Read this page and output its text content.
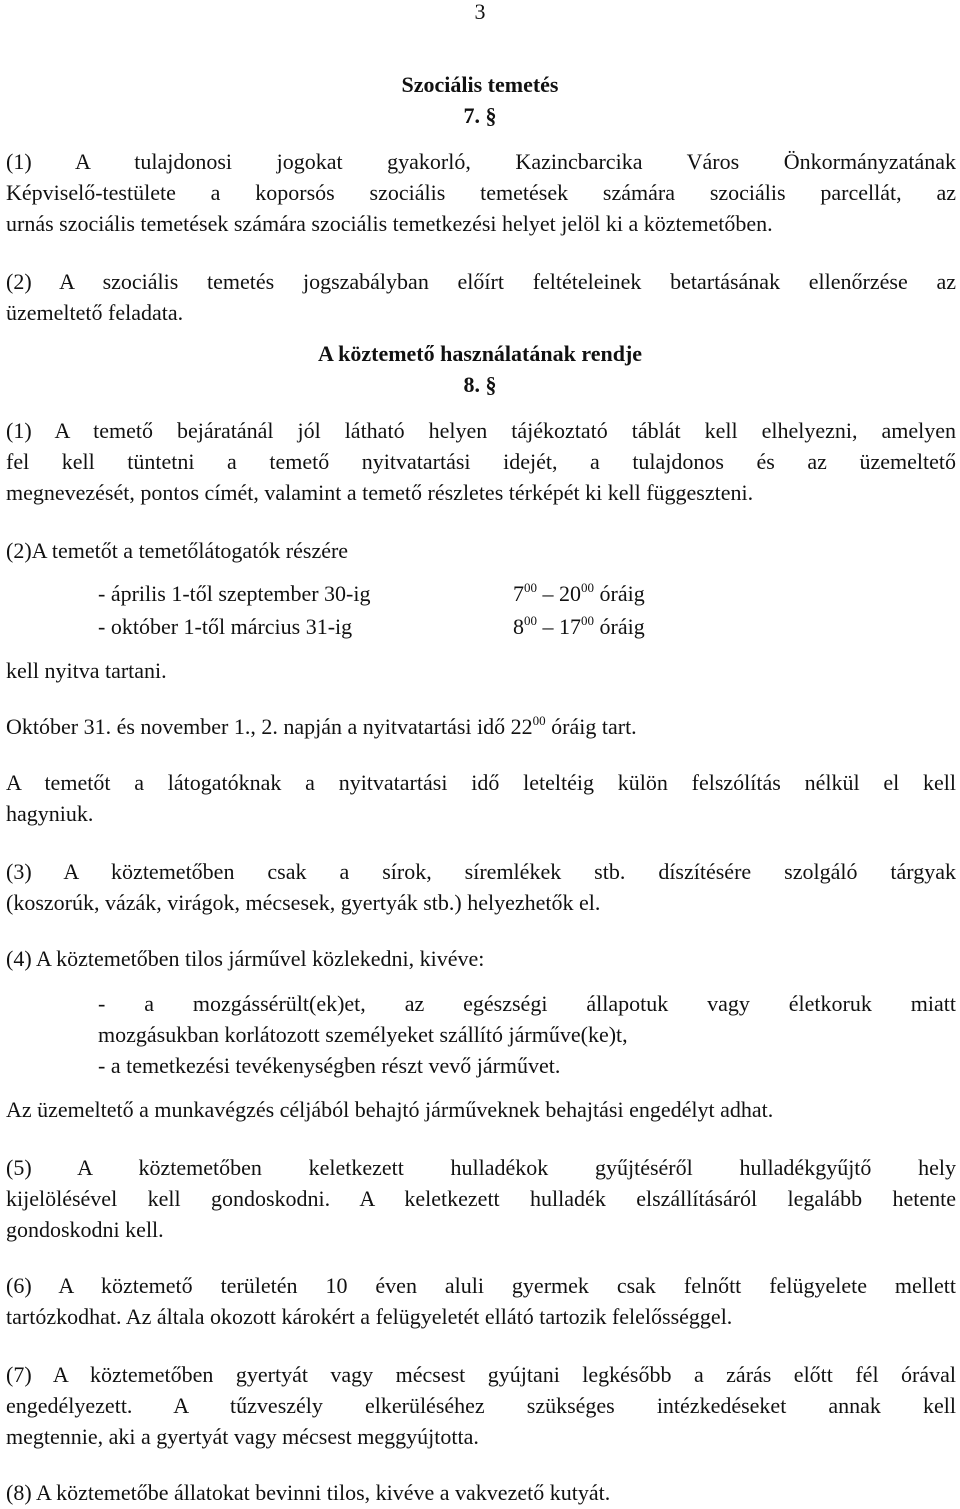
3
Szociális temetés
7. §
(1) A tulajdonosi jogokat gyakorló, Kazincbarcika Város Önkormányzatának
Képviselő-testülete a koporsós szociális temetések számára szociális parcellát, az
urnás szociális temetések számára szociális temetkezési helyet jelöl ki a köztemetőben.
(2) A szociális temetés jogszabályban előírt feltételeinek betartásának ellenőrzése az
üzemeltető feladata.
A köztemető használatának rendje
8. §
(1) A temető bejáratánál jól látható helyen tájékoztató táblát kell elhelyezni, amelyen
fel kell tüntetni a temető nyitvatartási idejét, a tulajdonos és az üzemeltető
megnevezését, pontos címét, valamint a temető részletes térképét ki kell függeszteni.
(2)A temetőt a temetőlátogatók részére
- április 1-től szeptember 30-ig	$7^{00} - 20^{00}$ óráig
- október 1-től március 31-ig	$8^{00} - 17^{00}$ óráig
kell nyitva tartani.
Október 31. és november 1., 2. napján a nyitvatartási idő $22^{00}$ óráig tart.
A temetőt a látogatóknak a nyitvatartási idő leteltéig külön felszólítás nélkül el kell
hagyniuk.
(3) A köztemetőben csak a sírok, síremlékek stb. díszítésére szolgáló tárgyak
(koszorúk, vázák, virágok, mécsesek, gyertyák stb.) helyezhetők el.
(4) A köztemetőben tilos járművel közlekedni, kivéve:
- a mozgássérült(ek)et, az egészségi állapotuk vagy életkoruk miatt
mozgásukban korlátozott személyeket szállító járműve(ke)t,
- a temetkezési tevékenységben részt vevő járművet.
Az üzemeltető a munkavégzés céljából behajtó járműveknek behajtási engedélyt adhat.
(5) A köztemetőben keletkezett hulladékok gyűjtéséről hulladékgyűjtő hely
kijelölésével kell gondoskodni. A keletkezett hulladék elszállításáról legalább hetente
gondoskodni kell.
(6) A köztemető területén 10 éven aluli gyermek csak felnőtt felügyelete mellett
tartózkodhat. Az általa okozott károkért a felügyeletét ellátó tartozik felelősséggel.
(7) A köztemetőben gyertyát vagy mécsest gyújtani legkésőbb a zárás előtt fél órával
engedélyezett. A tűzveszély elkerüléséhez szükséges intézkedéseket annak kell
megtennie, aki a gyertyát vagy mécsest meggyújtotta.
(8) A köztemetőbe állatokat bevinni tilos, kivéve a vakvezető kutyát.
